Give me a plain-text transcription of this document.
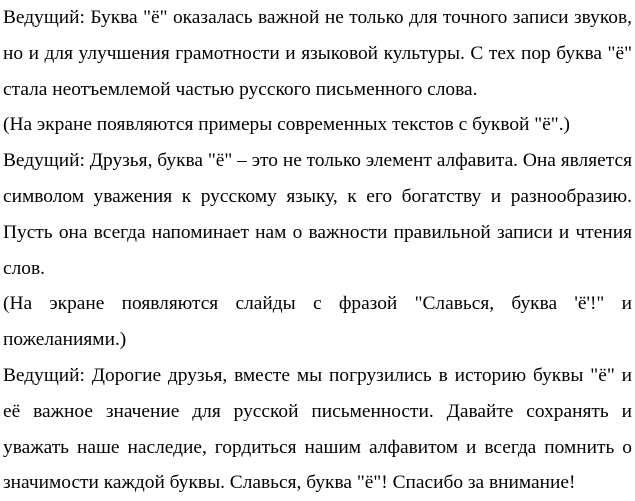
Ведущий: Буква "ё" оказалась важной не только для точного записи звуков, но и для улучшения грамотности и языковой культуры. С тех пор буква "ё" стала неотъемлемой частью русского письменного слова.

(На экране появляются примеры современных текстов с буквой "ё".)

Ведущий: Друзья, буква "ё" – это не только элемент алфавита. Она является символом уважения к русскому языку, к его богатству и разнообразию. Пусть она всегда напоминает нам о важности правильной записи и чтения слов.

(На экране появляются слайды с фразой "Славься, буква 'ё'!" и пожеланиями.)

Ведущий: Дорогие друзья, вместе мы погрузились в историю буквы "ё" и её важное значение для русской письменности. Давайте сохранять и уважать наше наследие, гордиться нашим алфавитом и всегда помнить о значимости каждой буквы. Славься, буква "ё"! Спасибо за внимание!
